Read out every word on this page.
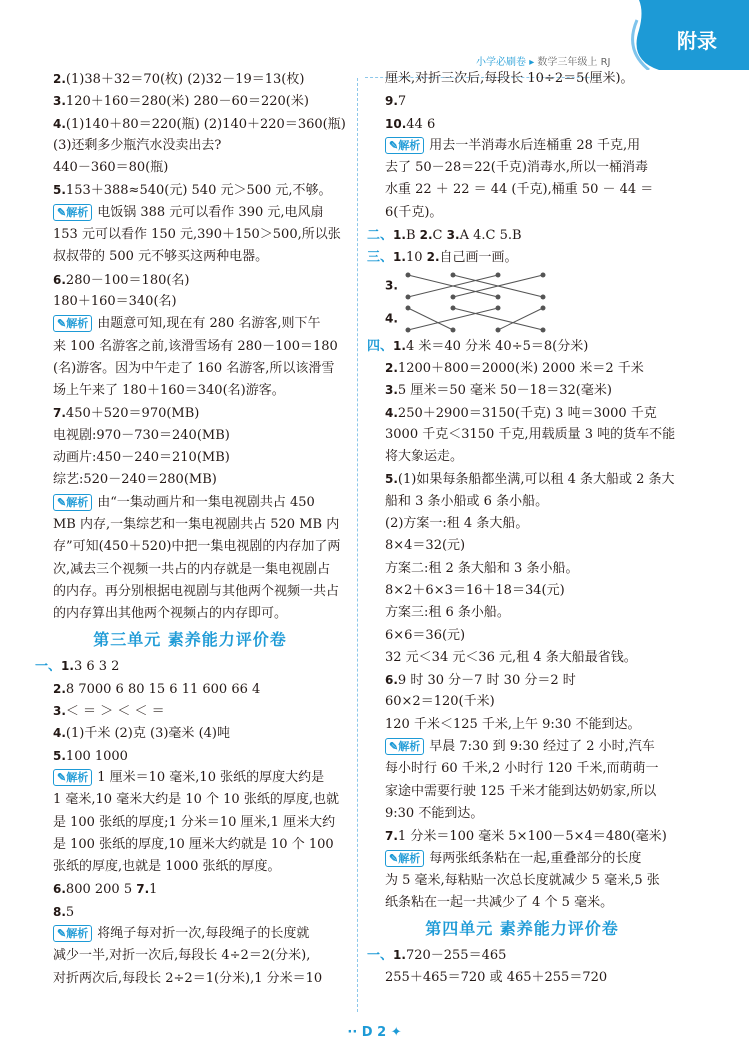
小学必刷卷 ▸ 数学三年级上 RJ
附录
2.(1)38＋32＝70(枚) (2)32－19＝13(枚)
3.120＋160＝280(米) 280－60＝220(米)
4.(1)140＋80＝220(瓶) (2)140＋220＝360(瓶)
(3)还剩多少瓶汽水没卖出去?
440－360＝80(瓶)
5.153＋388≈540(元) 540 元＞500 元,不够。
✎解析 电饭锅 388 元可以看作 390 元,电风扇
153 元可以看作 150 元,390＋150＞500,所以张
叔叔带的 500 元不够买这两种电器。
6.280－100＝180(名)
180＋160＝340(名)
✎解析 由题意可知,现在有 280 名游客,则下午
来 100 名游客之前,该滑雪场有 280－100＝180
(名)游客。因为中午走了 160 名游客,所以该滑雪
场上午来了 180＋160＝340(名)游客。
7.450＋520＝970(MB)
电视剧:970－730＝240(MB)
动画片:450－240＝210(MB)
综艺:520－240＝280(MB)
✎解析 由“一集动画片和一集电视剧共占 450
MB 内存,一集综艺和一集电视剧共占 520 MB 内
存”可知(450＋520)中把一集电视剧的内存加了两
次,减去三个视频一共占的内存就是一集电视剧占
的内存。再分别根据电视剧与其他两个视频一共占
的内存算出其他两个视频占的内存即可。
第三单元 素养能力评价卷
一、1.3 6 3 2
2.8 7000 6 80 15 6 11 600 66 4
3.＜ ＝ ＞ ＜ ＜ ＝
4.(1)千米 (2)克 (3)毫米 (4)吨
5.100 1000
✎解析 1 厘米＝10 毫米,10 张纸的厚度大约是
1 毫米,10 毫米大约是 10 个 10 张纸的厚度,也就
是 100 张纸的厚度;1 分米＝10 厘米,1 厘米大约
是 100 张纸的厚度,10 厘米大约就是 10 个 100
张纸的厚度,也就是 1000 张纸的厚度。
6.800 200 5 7.1
8.5
✎解析 将绳子每对折一次,每段绳子的长度就
减少一半,对折一次后,每段长 4÷2＝2(分米),
对折两次后,每段长 2÷2＝1(分米),1 分米＝10
厘米,对折三次后,每段长 10÷2＝5(厘米)。
9.7
10.44 6
✎解析 用去一半消毒水后连桶重 28 千克,用
去了 50－28＝22(千克)消毒水,所以一桶消毒
水重 22 ＋ 22 ＝ 44 (千克),桶重 50 － 44 ＝
6(千克)。
二、1.B 2.C 3.A 4.C 5.B
三、1.10 2.自己画一画。
3.
4.
四、1.4 米＝40 分米 40÷5＝8(分米)
2.1200＋800＝2000(米) 2000 米＝2 千米
3.5 厘米＝50 毫米 50－18＝32(毫米)
4.250＋2900＝3150(千克) 3 吨＝3000 千克
3000 千克＜3150 千克,用载质量 3 吨的货车不能
将大象运走。
5.(1)如果每条船都坐满,可以租 4 条大船或 2 条大
船和 3 条小船或 6 条小船。
(2)方案一:租 4 条大船。
8×4＝32(元)
方案二:租 2 条大船和 3 条小船。
8×2＋6×3＝16＋18＝34(元)
方案三:租 6 条小船。
6×6＝36(元)
32 元＜34 元＜36 元,租 4 条大船最省钱。
6.9 时 30 分－7 时 30 分＝2 时
60×2＝120(千米)
120 千米＜125 千米,上午 9:30 不能到达。
✎解析 早晨 7:30 到 9:30 经过了 2 小时,汽车
每小时行 60 千米,2 小时行 120 千米,而萌萌一
家途中需要行驶 125 千米才能到达奶奶家,所以
9:30 不能到达。
7.1 分米＝100 毫米 5×100－5×4＝480(毫米)
✎解析 每两张纸条粘在一起,重叠部分的长度
为 5 毫米,每粘贴一次总长度就减少 5 毫米,5 张
纸条粘在一起一共减少了 4 个 5 毫米。
第四单元 素养能力评价卷
一、1.720－255＝465
255＋465＝720 或 465＋255＝720
·· D 2 ✦
